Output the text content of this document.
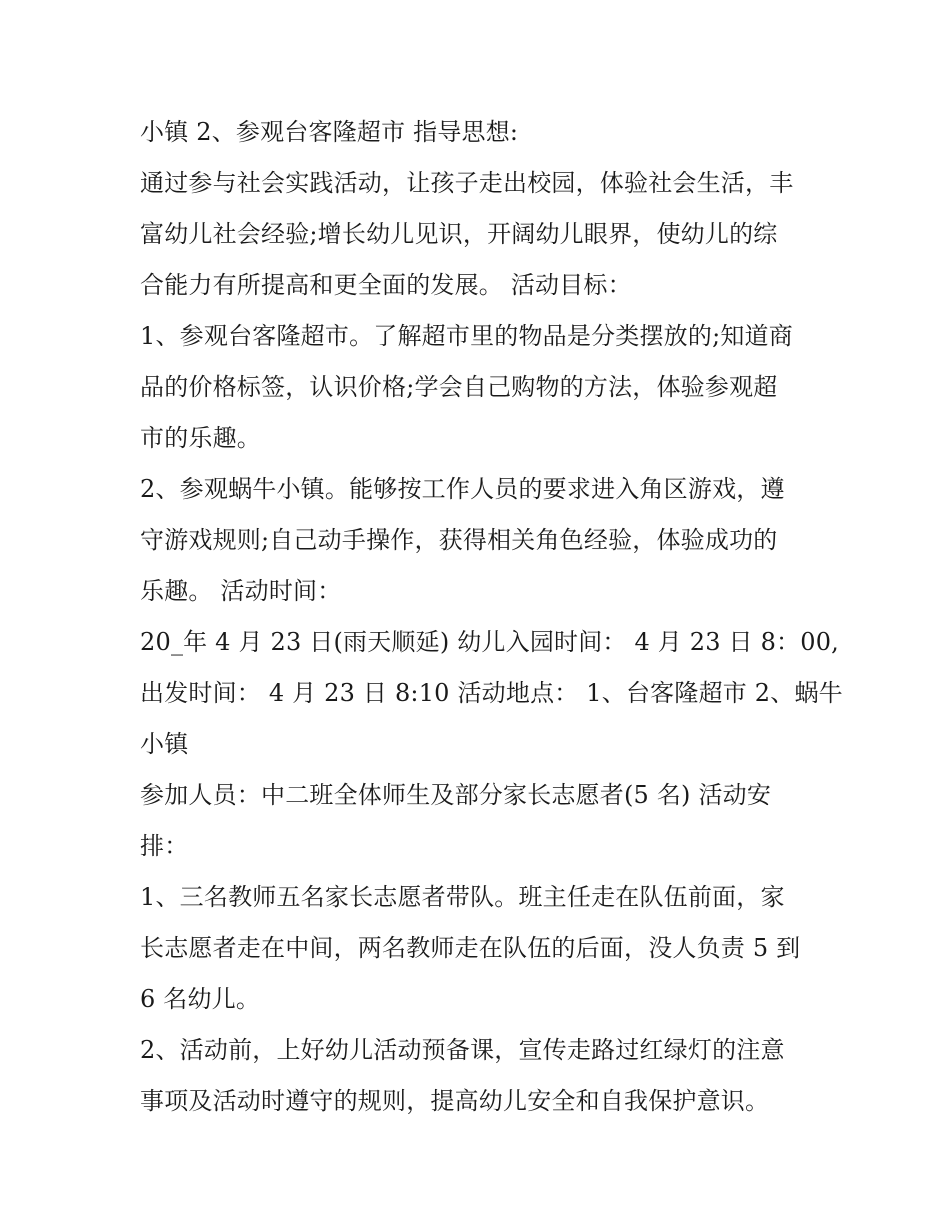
小镇 2、参观台客隆超市 指导思想:
通过参与社会实践活动，让孩子走出校园，体验社会生活，丰
富幼儿社会经验;增长幼儿见识，开阔幼儿眼界，使幼儿的综
合能力有所提高和更全面的发展。 活动目标：
1、参观台客隆超市。了解超市里的物品是分类摆放的;知道商
品的价格标签，认识价格;学会自己购物的方法，体验参观超
市的乐趣。
2、参观蜗牛小镇。能够按工作人员的要求进入角区游戏，遵
守游戏规则;自己动手操作，获得相关角色经验，体验成功的
乐趣。 活动时间：
20_年 4 月 23 日(雨天顺延) 幼儿入园时间： 4 月 23 日 8：00,
出发时间： 4 月 23 日 8:10 活动地点： 1、台客隆超市 2、蜗牛
小镇
参加人员：中二班全体师生及部分家长志愿者(5 名) 活动安
排：
1、三名教师五名家长志愿者带队。班主任走在队伍前面，家
长志愿者走在中间，两名教师走在队伍的后面，没人负责 5 到
6 名幼儿。
2、活动前，上好幼儿活动预备课，宣传走路过红绿灯的注意
事项及活动时遵守的规则，提高幼儿安全和自我保护意识。
